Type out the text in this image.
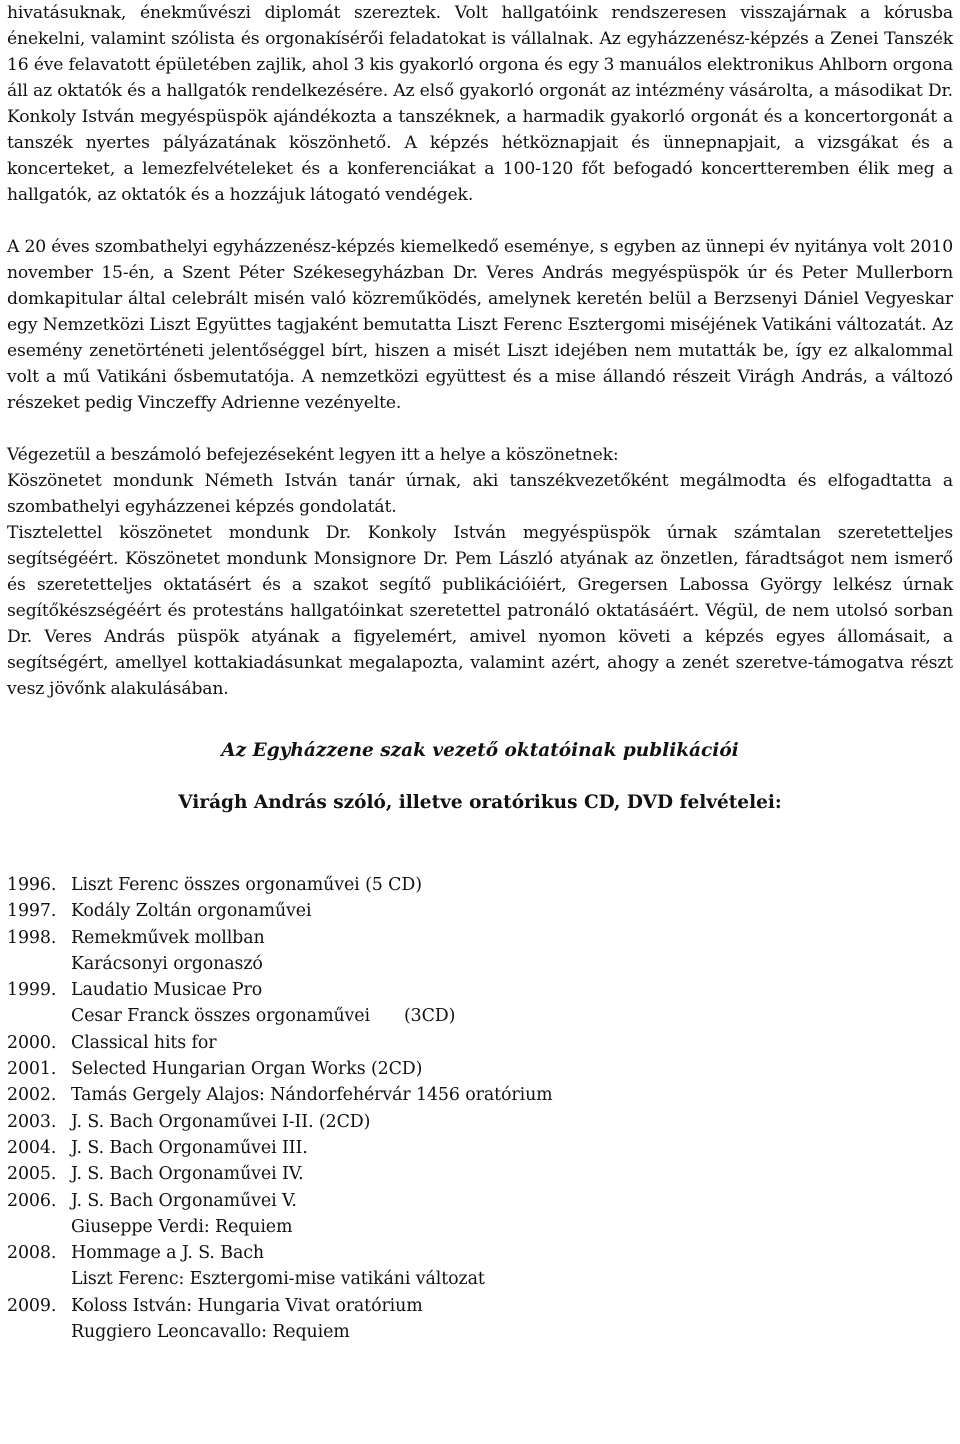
hivatásuknak, énekművészi diplomát szereztek. Volt hallgatóink rendszeresen visszajárnak a kórusba énekelni, valamint szólista és orgonakísérői feladatokat is vállalnak. Az egyházzenész-képzés a Zenei Tanszék 16 éve felavatott épületében zajlik, ahol 3 kis gyakorló orgona és egy 3 manuálos elektronikus Ahlborn orgona áll az oktatók és a hallgatók rendelkezésére. Az első gyakorló orgonát az intézmény vásárolta, a másodikat Dr. Konkoly István megyéspüspök ajándékozta a tanszéknek, a harmadik gyakorló orgonát és a koncertorgonát a tanszék nyertes pályázatának köszönhető. A képzés hétköznapjait és ünnepnapjait, a vizsgákat és a koncerteket, a lemezfelvételeket és a konferenciákat a 100-120 főt befogadó koncertteremben élik meg a hallgatók, az oktatók és a hozzájuk látogató vendégek.

A 20 éves szombathelyi egyházzenész-képzés kiemelkedő eseménye, s egyben az ünnepi év nyitánya volt 2010 november 15-én, a Szent Péter Székesegyházban Dr. Veres András megyéspüspök úr és Peter Mullerborn domkapitular által celebrált misén való közreműködés, amelynek keretén belül a Berzsenyi Dániel Vegyeskar egy Nemzetközi Liszt Együttes tagjaként bemutatta Liszt Ferenc Esztergomi miséjének Vatikáni változatát. Az esemény zenetörténeti jelentőséggel bírt, hiszen a misét Liszt idejében nem mutatták be, így ez alkalommal volt a mű Vatikáni ősbemutatója. A nemzetközi együttest és a mise állandó részeit Virágh András, a változó részeket pedig Vinczeffy Adrienne vezényelte.

Végezetül a beszámoló befejezéseként legyen itt a helye a köszönetnek:

Köszönetet mondunk Németh István tanár úrnak, aki tanszékvezetőként megálmodta és elfogadtatta a szombathelyi egyházzenei képzés gondolatát.

Tisztelettel köszönetet mondunk Dr. Konkoly István megyéspüspök úrnak számtalan szeretetteljes segítségéért. Köszönetet mondunk Monsignore Dr. Pem László atyának az önzetlen, fáradtságot nem ismerő és szeretetteljes oktatásért és a szakot segítő publikációiért, Gregersen Labossa György lelkész úrnak segítőkészségéért és protestáns hallgatóinkat szeretettel patronáló oktatásáért. Végül, de nem utolsó sorban Dr. Veres András püspök atyának a figyelemért, amivel nyomon követi a képzés egyes állomásait, a segítségért, amellyel kottakiadásunkat megalapozta, valamint azért, ahogy a zenét szeretve-támogatva részt vesz jövőnk alakulásában.

Az Egyházzene szak vezető oktatóinak publikációi

Virágh András szóló, illetve oratórikus CD, DVD felvételei:

1996. Liszt Ferenc összes orgonaművei (5 CD)
1997. Kodály Zoltán orgonaművei
1998. Remekművek mollban
Karácsonyi orgonaszó
1999. Laudatio Musicae Pro
Cesar Franck összes orgonaművei (3CD)
2000. Classical hits for
2001. Selected Hungarian Organ Works (2CD)
2002. Tamás Gergely Alajos: Nándorfehérvár 1456 oratórium
2003. J. S. Bach Orgonaművei I-II. (2CD)
2004. J. S. Bach Orgonaművei III.
2005. J. S. Bach Orgonaművei IV.
2006. J. S. Bach Orgonaművei V.
Giuseppe Verdi: Requiem
2008. Hommage a J. S. Bach
Liszt Ferenc: Esztergomi-mise vatikáni változat
2009. Koloss István: Hungaria Vivat oratórium
Ruggiero Leoncavallo: Requiem
